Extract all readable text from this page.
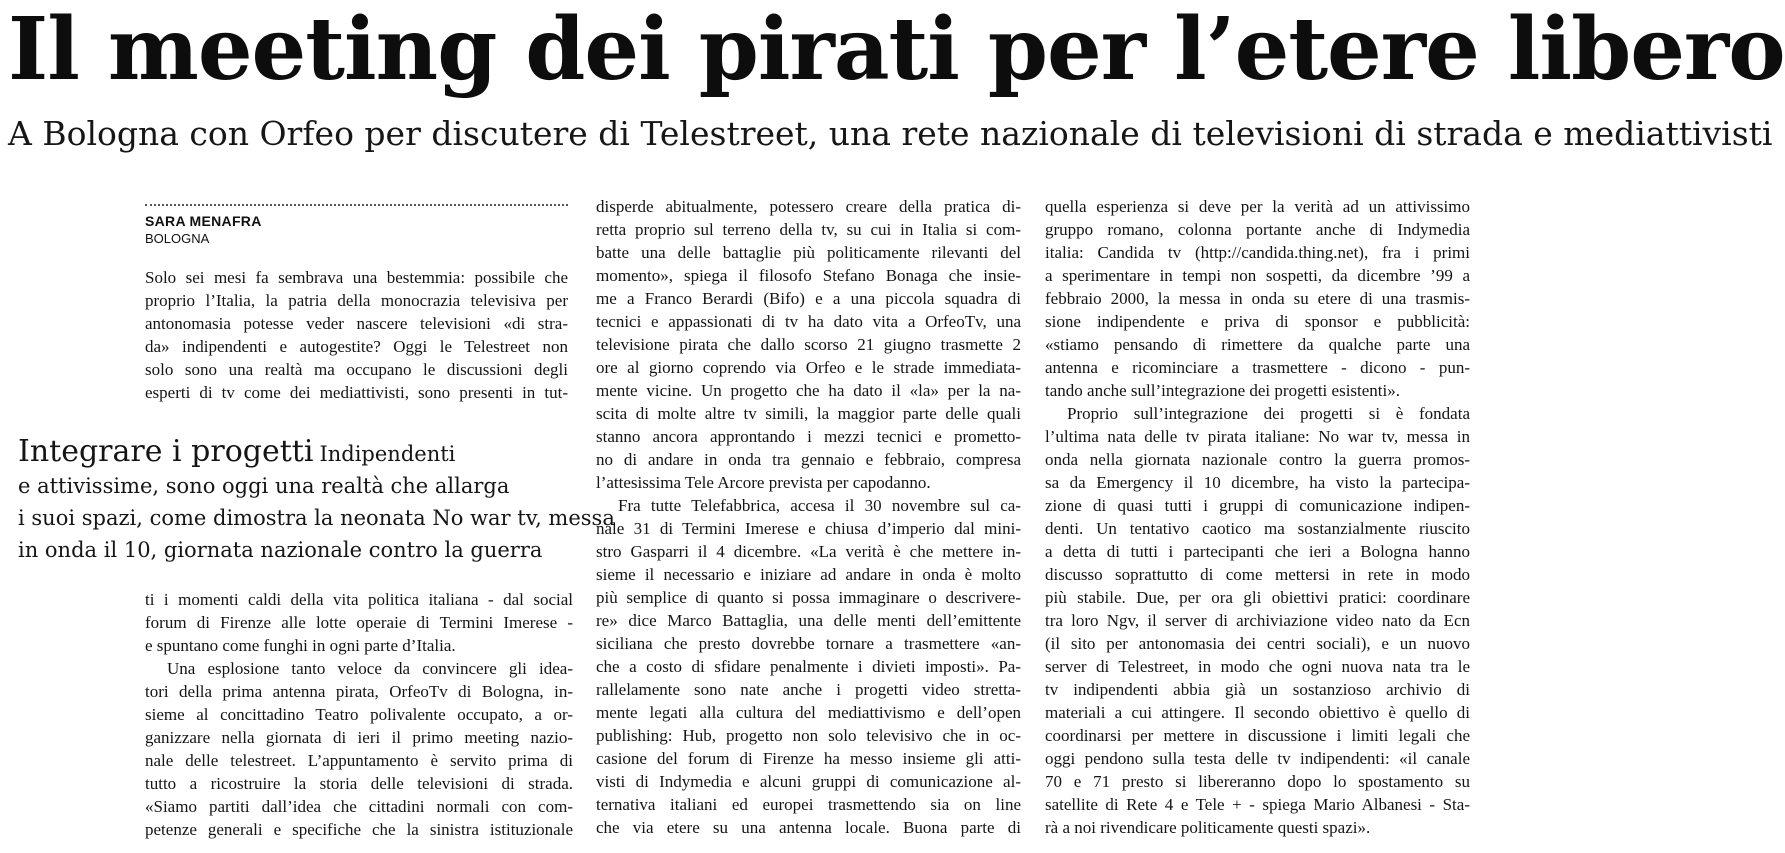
Il meeting dei pirati per l’etere libero
A Bologna con Orfeo per discutere di Telestreet, una rete nazionale di televisioni di strada e mediattivisti
SARA MENAFRA
BOLOGNA
Solo sei mesi fa sembrava una bestemmia: possibile che
proprio l’Italia, la patria della monocrazia televisiva per
antonomasia potesse veder nascere televisioni «di stra-
da» indipendenti e autogestite? Oggi le Telestreet non
solo sono una realtà ma occupano le discussioni degli
esperti di tv come dei mediattivisti, sono presenti in tut-
Integrare i progetti Indipendenti
e attivissime, sono oggi una realtà che allarga
i suoi spazi, come dimostra la neonata No war tv, messa
in onda il 10, giornata nazionale contro la guerra
ti i momenti caldi della vita politica italiana - dal social
forum di Firenze alle lotte operaie di Termini Imerese -
e spuntano come funghi in ogni parte d’Italia.
Una esplosione tanto veloce da convincere gli idea-
tori della prima antenna pirata, OrfeoTv di Bologna, in-
sieme al concittadino Teatro polivalente occupato, a or-
ganizzare nella giornata di ieri il primo meeting nazio-
nale delle telestreet. L’appuntamento è servito prima di
tutto a ricostruire la storia delle televisioni di strada.
«Siamo partiti dall’idea che cittadini normali con com-
petenze generali e specifiche che la sinistra istituzionale
disperde abitualmente, potessero creare della pratica di-
retta proprio sul terreno della tv, su cui in Italia si com-
batte una delle battaglie più politicamente rilevanti del
momento», spiega il filosofo Stefano Bonaga che insie-
me a Franco Berardi (Bifo) e a una piccola squadra di
tecnici e appassionati di tv ha dato vita a OrfeoTv, una
televisione pirata che dallo scorso 21 giugno trasmette 2
ore al giorno coprendo via Orfeo e le strade immediata-
mente vicine. Un progetto che ha dato il «la» per la na-
scita di molte altre tv simili, la maggior parte delle quali
stanno ancora approntando i mezzi tecnici e prometto-
no di andare in onda tra gennaio e febbraio, compresa
l’attesissima Tele Arcore prevista per capodanno.
Fra tutte Telefabbrica, accesa il 30 novembre sul ca-
nale 31 di Termini Imerese e chiusa d’imperio dal mini-
stro Gasparri il 4 dicembre. «La verità è che mettere in-
sieme il necessario e iniziare ad andare in onda è molto
più semplice di quanto si possa immaginare o descrivere-
re» dice Marco Battaglia, una delle menti dell’emittente
siciliana che presto dovrebbe tornare a trasmettere «an-
che a costo di sfidare penalmente i divieti imposti». Pa-
rallelamente sono nate anche i progetti video stretta-
mente legati alla cultura del mediattivismo e dell’open
publishing: Hub, progetto non solo televisivo che in oc-
casione del forum di Firenze ha messo insieme gli atti-
visti di Indymedia e alcuni gruppi di comunicazione al-
ternativa italiani ed europei trasmettendo sia on line
che via etere su una antenna locale. Buona parte di
quella esperienza si deve per la verità ad un attivissimo
gruppo romano, colonna portante anche di Indymedia
italia: Candida tv (http://candida.thing.net), fra i primi
a sperimentare in tempi non sospetti, da dicembre ’99 a
febbraio 2000, la messa in onda su etere di una trasmis-
sione indipendente e priva di sponsor e pubblicità:
«stiamo pensando di rimettere da qualche parte una
antenna e ricominciare a trasmettere - dicono - pun-
tando anche sull’integrazione dei progetti esistenti».
Proprio sull’integrazione dei progetti si è fondata
l’ultima nata delle tv pirata italiane: No war tv, messa in
onda nella giornata nazionale contro la guerra promos-
sa da Emergency il 10 dicembre, ha visto la partecipa-
zione di quasi tutti i gruppi di comunicazione indipen-
denti. Un tentativo caotico ma sostanzialmente riuscito
a detta di tutti i partecipanti che ieri a Bologna hanno
discusso soprattutto di come mettersi in rete in modo
più stabile. Due, per ora gli obiettivi pratici: coordinare
tra loro Ngv, il server di archiviazione video nato da Ecn
(il sito per antonomasia dei centri sociali), e un nuovo
server di Telestreet, in modo che ogni nuova nata tra le
tv indipendenti abbia già un sostanzioso archivio di
materiali a cui attingere. Il secondo obiettivo è quello di
coordinarsi per mettere in discussione i limiti legali che
oggi pendono sulla testa delle tv indipendenti: «il canale
70 e 71 presto si libereranno dopo lo spostamento su
satellite di Rete 4 e Tele + - spiega Mario Albanesi - Sta-
rà a noi rivendicare politicamente questi spazi».
